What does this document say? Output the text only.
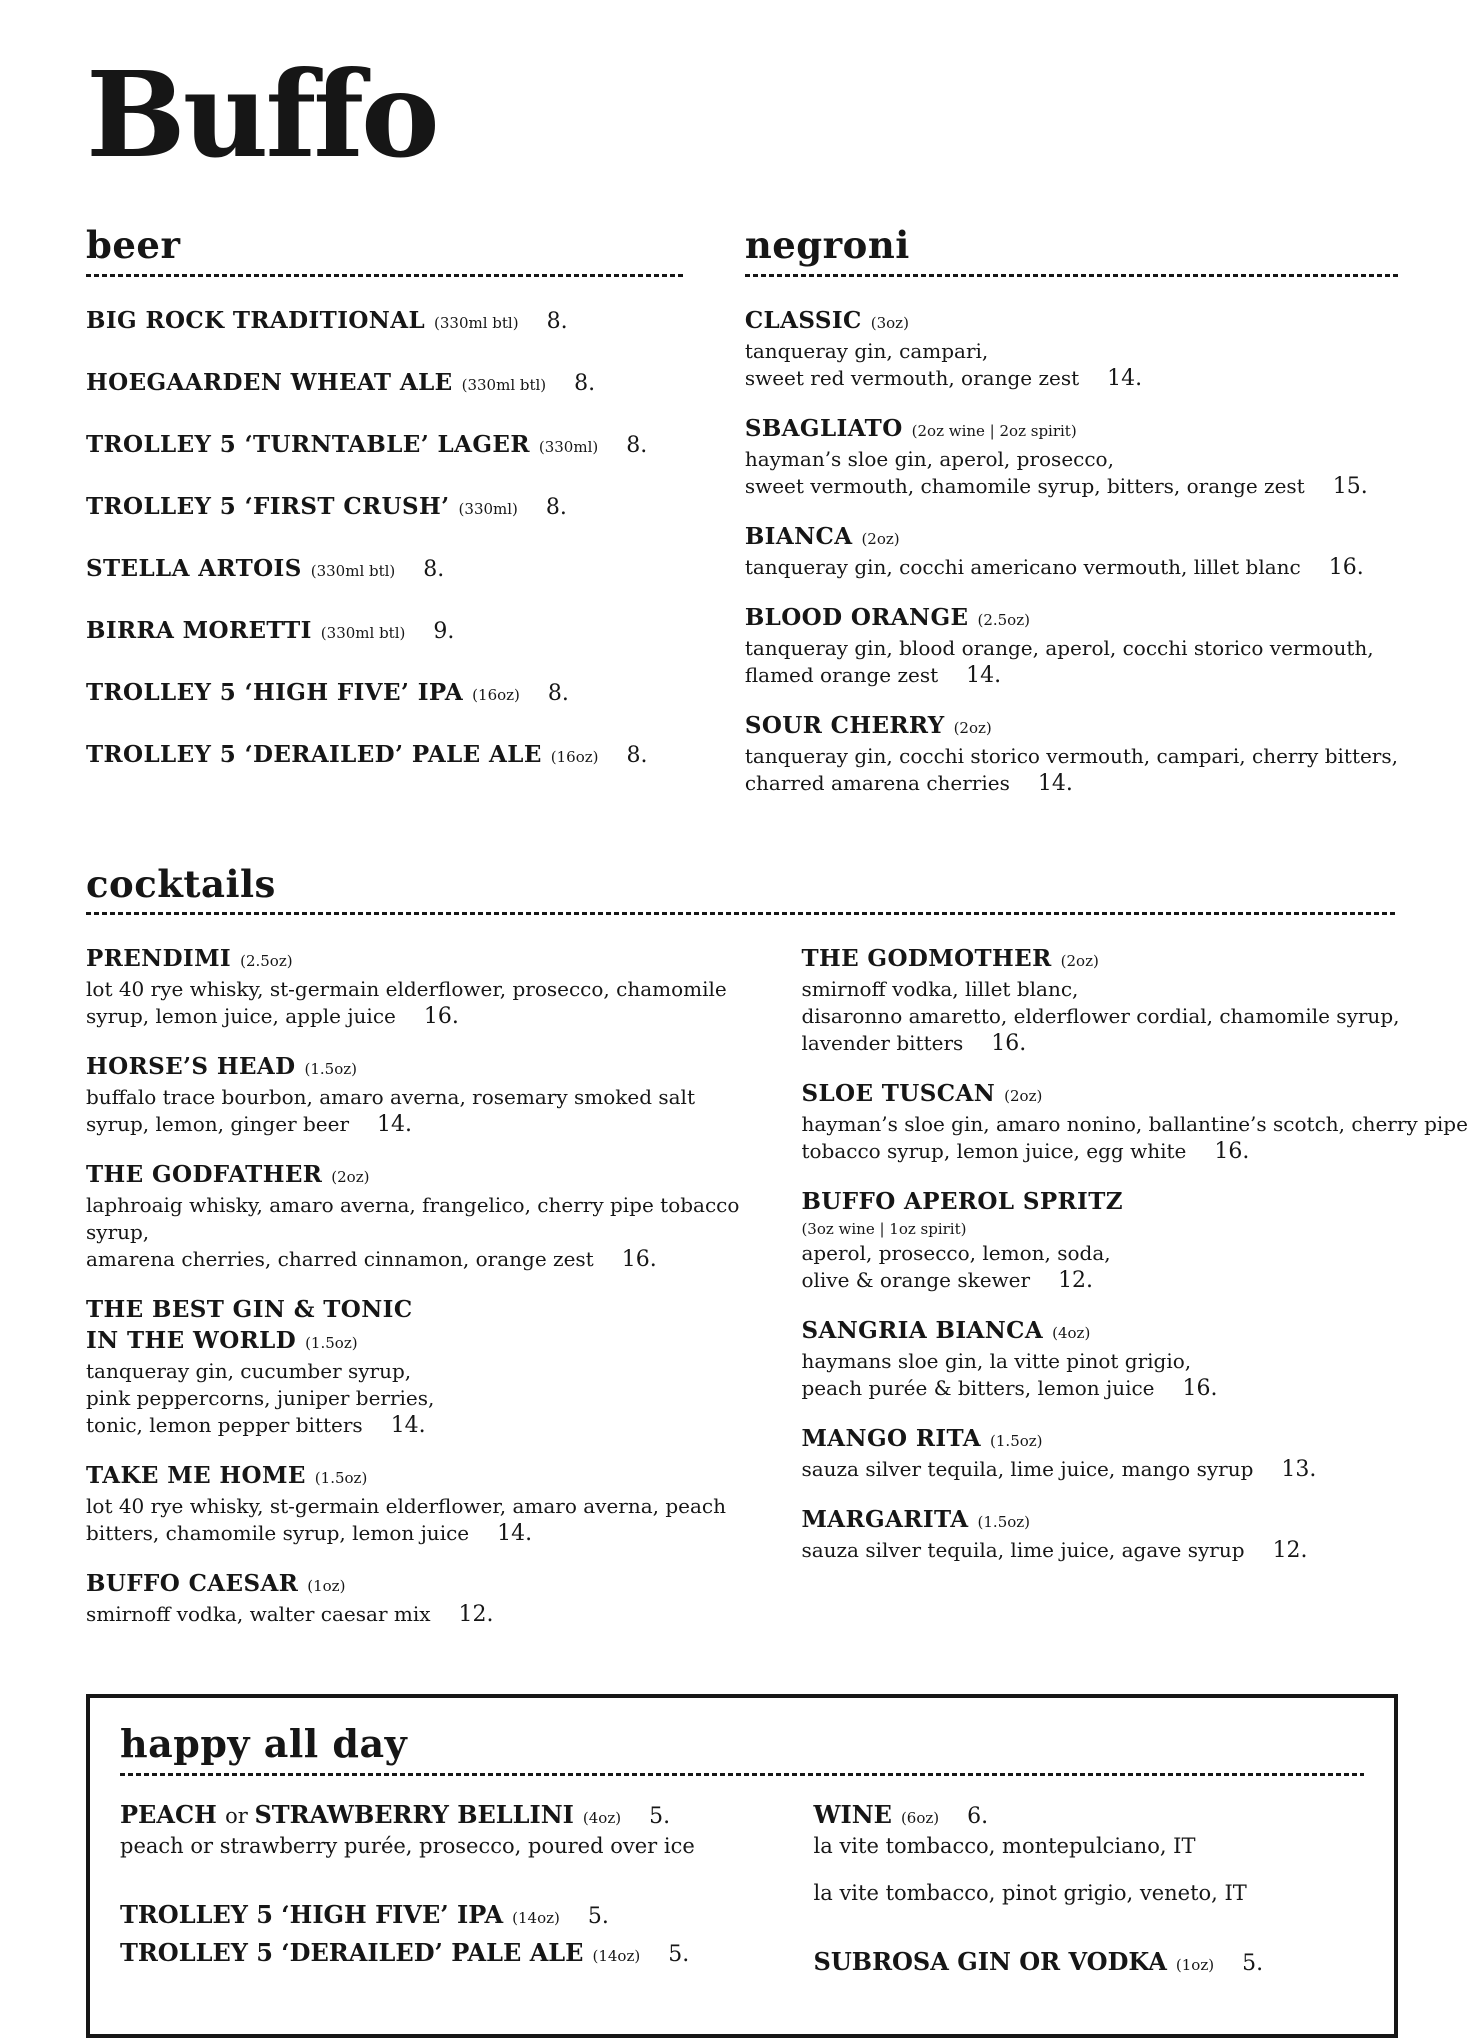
Buffo
beer
BIG ROCK TRADITIONAL (330ml btl) 8.
HOEGAARDEN WHEAT ALE (330ml btl) 8.
TROLLEY 5 ‘TURNTABLE’ LAGER (330ml) 8.
TROLLEY 5 ‘FIRST CRUSH’ (330ml) 8.
STELLA ARTOIS (330ml btl) 8.
BIRRA MORETTI (330ml btl) 9.
TROLLEY 5 ‘HIGH FIVE’ IPA (16oz) 8.
TROLLEY 5 ‘DERAILED’ PALE ALE (16oz) 8.
negroni
CLASSIC (3oz)
tanqueray gin, campari,
sweet red vermouth, orange zest 14.
SBAGLIATO (2oz wine | 2oz spirit)
hayman’s sloe gin, aperol, prosecco,
sweet vermouth, chamomile syrup, bitters, orange zest 15.
BIANCA (2oz)
tanqueray gin, cocchi americano vermouth, lillet blanc 16.
BLOOD ORANGE (2.5oz)
tanqueray gin, blood orange, aperol, cocchi storico vermouth,
flamed orange zest 14.
SOUR CHERRY (2oz)
tanqueray gin, cocchi storico vermouth, campari, cherry bitters,
charred amarena cherries 14.
cocktails
PRENDIMI (2.5oz)
lot 40 rye whisky, st-germain elderflower, prosecco, chamomile
syrup, lemon juice, apple juice 16.
HORSE’S HEAD (1.5oz)
buffalo trace bourbon, amaro averna, rosemary smoked salt
syrup, lemon, ginger beer 14.
THE GODFATHER (2oz)
laphroaig whisky, amaro averna, frangelico, cherry pipe tobacco
syrup,
amarena cherries, charred cinnamon, orange zest 16.
THE BEST GIN & TONIC
IN THE WORLD (1.5oz)
tanqueray gin, cucumber syrup,
pink peppercorns, juniper berries,
tonic, lemon pepper bitters 14.
TAKE ME HOME (1.5oz)
lot 40 rye whisky, st-germain elderflower, amaro averna, peach
bitters, chamomile syrup, lemon juice 14.
BUFFO CAESAR (1oz)
smirnoff vodka, walter caesar mix 12.
THE GODMOTHER (2oz)
smirnoff vodka, lillet blanc,
disaronno amaretto, elderflower cordial, chamomile syrup,
lavender bitters 16.
SLOE TUSCAN (2oz)
hayman’s sloe gin, amaro nonino, ballantine’s scotch, cherry pipe
tobacco syrup, lemon juice, egg white 16.
BUFFO APEROL SPRITZ
(3oz wine | 1oz spirit)
aperol, prosecco, lemon, soda,
olive & orange skewer 12.
SANGRIA BIANCA (4oz)
haymans sloe gin, la vitte pinot grigio,
peach purée & bitters, lemon juice 16.
MANGO RITA (1.5oz)
sauza silver tequila, lime juice, mango syrup 13.
MARGARITA (1.5oz)
sauza silver tequila, lime juice, agave syrup 12.
happy all day
PEACH or STRAWBERRY BELLINI (4oz) 5.
peach or strawberry purée, prosecco, poured over ice
TROLLEY 5 ‘HIGH FIVE’ IPA (14oz) 5.
TROLLEY 5 ‘DERAILED’ PALE ALE (14oz) 5.
WINE (6oz) 6.
la vite tombacco, montepulciano, IT
la vite tombacco, pinot grigio, veneto, IT
SUBROSA GIN OR VODKA (1oz) 5.
